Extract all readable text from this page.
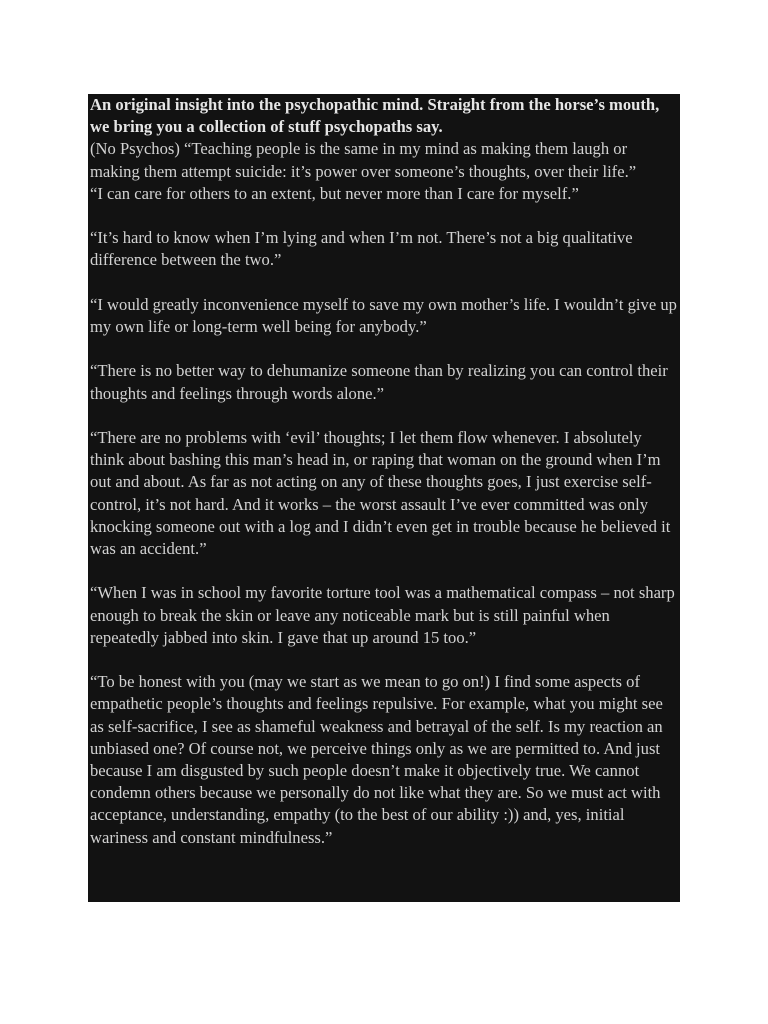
An original insight into the psychopathic mind. Straight from the horse’s mouth, we bring you a collection of stuff psychopaths say.

(No Psychos) “Teaching people is the same in my mind as making them laugh or making them attempt suicide: it’s power over someone’s thoughts, over their life.”

“I can care for others to an extent, but never more than I care for myself.”

“It’s hard to know when I’m lying and when I’m not. There’s not a big qualitative difference between the two.”

“I would greatly inconvenience myself to save my own mother’s life. I wouldn’t give up my own life or long-term well being for anybody.”

“There is no better way to dehumanize someone than by realizing you can control their thoughts and feelings through words alone.”

“There are no problems with ‘evil’ thoughts; I let them flow whenever. I absolutely think about bashing this man’s head in, or raping that woman on the ground when I’m out and about. As far as not acting on any of these thoughts goes, I just exercise self-control, it’s not hard. And it works – the worst assault I’ve ever committed was only knocking someone out with a log and I didn’t even get in trouble because he believed it was an accident.”

“When I was in school my favorite torture tool was a mathematical compass – not sharp enough to break the skin or leave any noticeable mark but is still painful when repeatedly jabbed into skin. I gave that up around 15 too.”

“To be honest with you (may we start as we mean to go on!) I find some aspects of empathetic people’s thoughts and feelings repulsive. For example, what you might see as self-sacrifice, I see as shameful weakness and betrayal of the self. Is my reaction an unbiased one? Of course not, we perceive things only as we are permitted to. And just because I am disgusted by such people doesn’t make it objectively true. We cannot condemn others because we personally do not like what they are. So we must act with acceptance, understanding, empathy (to the best of our ability :)) and, yes, initial wariness and constant mindfulness.”
